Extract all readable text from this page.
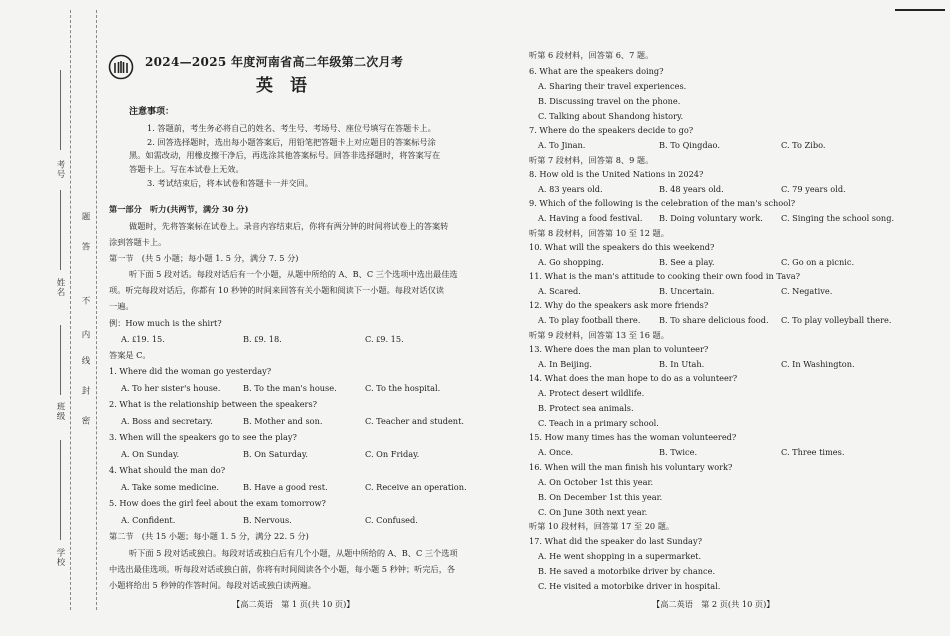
考号
姓名
班级
学校
题
答
不
内
线
封
密
2024—2025 年度河南省高二年级第二次月考
英　语
注意事项：
1. 答题前，考生务必将自己的姓名、考生号、考场号、座位号填写在答题卡上。
2. 回答选择题时，选出每小题答案后，用铅笔把答题卡上对应题目的答案标号涂
黑。如需改动，用橡皮擦干净后，再选涂其他答案标号。回答非选择题时，将答案写在
答题卡上。写在本试卷上无效。
3. 考试结束后，将本试卷和答题卡一并交回。
第一部分　听力(共两节，满分 30 分)
做题时，先将答案标在试卷上。录音内容结束后，你将有两分钟的时间将试卷上的答案转
涂到答题卡上。
第一节　(共 5 小题；每小题 1. 5 分，满分 7. 5 分)
听下面 5 段对话。每段对话后有一个小题，从题中所给的 A、B、C 三个选项中选出最佳选
项。听完每段对话后，你都有 10 秒钟的时间来回答有关小题和阅读下一小题。每段对话仅读
一遍。
例：How much is the shirt?
A. ₤19. 15.	B. ₤9. 18.	C. ₤9. 15.
答案是 C。
1. Where did the woman go yesterday?
A. To her sister's house.	B. To the man's house.	C. To the hospital.
2. What is the relationship between the speakers?
A. Boss and secretary.	B. Mother and son.	C. Teacher and student.
3. When will the speakers go to see the play?
A. On Sunday.	B. On Saturday.	C. On Friday.
4. What should the man do?
A. Take some medicine.	B. Have a good rest.	C. Receive an operation.
5. How does the girl feel about the exam tomorrow?
A. Confident.	B. Nervous.	C. Confused.
第二节　(共 15 小题；每小题 1. 5 分，满分 22. 5 分)
听下面 5 段对话或独白。每段对话或独白后有几个小题，从题中所给的 A、B、C 三个选项
中选出最佳选项。听每段对话或独白前，你将有时间阅读各个小题，每小题 5 秒钟；听完后，各
小题将给出 5 秒钟的作答时间。每段对话或独白读两遍。
【高二英语　第 1 页(共 10 页)】
听第 6 段材料，回答第 6、7 题。
6. What are the speakers doing?
A. Sharing their travel experiences.
B. Discussing travel on the phone.
C. Talking about Shandong history.
7. Where do the speakers decide to go?
A. To Jinan.	B. To Qingdao.	C. To Zibo.
听第 7 段材料，回答第 8、9 题。
8. How old is the United Nations in 2024?
A. 83 years old.	B. 48 years old.	C. 79 years old.
9. Which of the following is the celebration of the man's school?
A. Having a food festival. B. Doing voluntary work. C. Singing the school song.
听第 8 段材料，回答第 10 至 12 题。
10. What will the speakers do this weekend?
A. Go shopping.	B. See a play.	C. Go on a picnic.
11. What is the man's attitude to cooking their own food in Tava?
A. Scared.	B. Uncertain.	C. Negative.
12. Why do the speakers ask more friends?
A. To play football there. B. To share delicious food. C. To play volleyball there.
听第 9 段材料，回答第 13 至 16 题。
13. Where does the man plan to volunteer?
A. In Beijing.	B. In Utah.	C. In Washington.
14. What does the man hope to do as a volunteer?
A. Protect desert wildlife.
B. Protect sea animals.
C. Teach in a primary school.
15. How many times has the woman volunteered?
A. Once.	B. Twice.	C. Three times.
16. When will the man finish his voluntary work?
A. On October 1st this year.
B. On December 1st this year.
C. On June 30th next year.
听第 10 段材料，回答第 17 至 20 题。
17. What did the speaker do last Sunday?
A. He went shopping in a supermarket.
B. He saved a motorbike driver by chance.
C. He visited a motorbike driver in hospital.
【高二英语　第 2 页(共 10 页)】
